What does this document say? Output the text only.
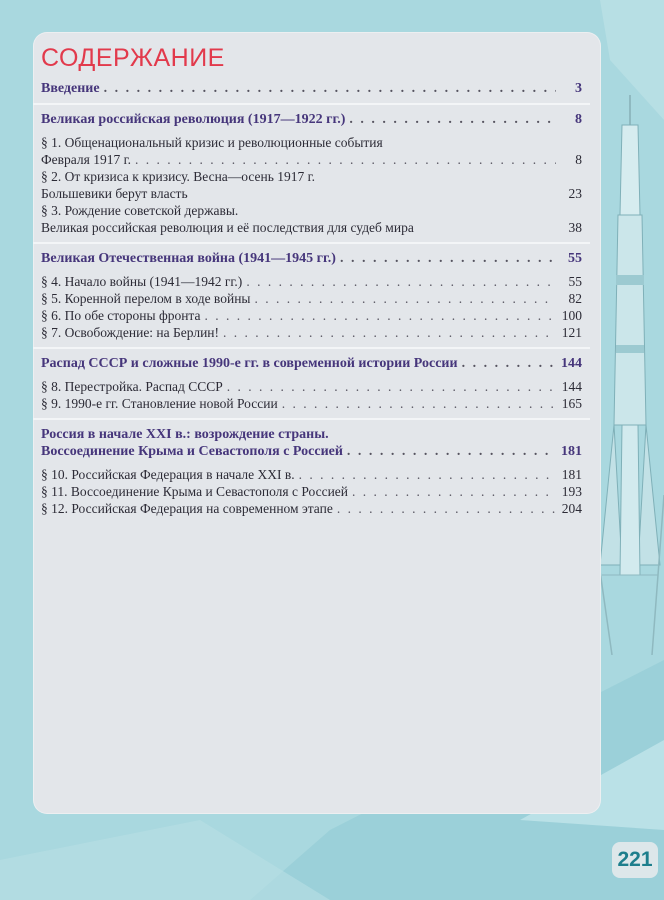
СОДЕРЖАНИЕ
Введение . . .	3
Великая российская революция (1917—1922 гг.) . . .	8
§ 1. Общенациональный кризис и революционные события
Февраля 1917 г. . . .	8
§ 2. От кризиса к кризису. Весна—осень 1917 г.
Большевики берут власть	23
§ 3. Рождение советской державы.
Великая российская революция и её последствия для судеб мира	38
Великая Отечественная война (1941—1945 гг.) . . .	55
§ 4. Начало войны (1941—1942 гг.) . . .	55
§ 5. Коренной перелом в ходе войны . . .	82
§ 6. По обе стороны фронта . . .	100
§ 7. Освобождение: на Берлин! . . .	121
Распад СССР и сложные 1990-е гг. в современной истории России . . .	144
§ 8. Перестройка. Распад СССР . . .	144
§ 9. 1990-е гг. Становление новой России . . .	165
Россия в начале XXI в.: возрождение страны.
Воссоединение Крыма и Севастополя с Россией . . .	181
§ 10. Российская Федерация в начале XXI в. . . .	181
§ 11. Воссоединение Крыма и Севастополя с Россией . . .	193
§ 12. Российская Федерация на современном этапе . . .	204
221
